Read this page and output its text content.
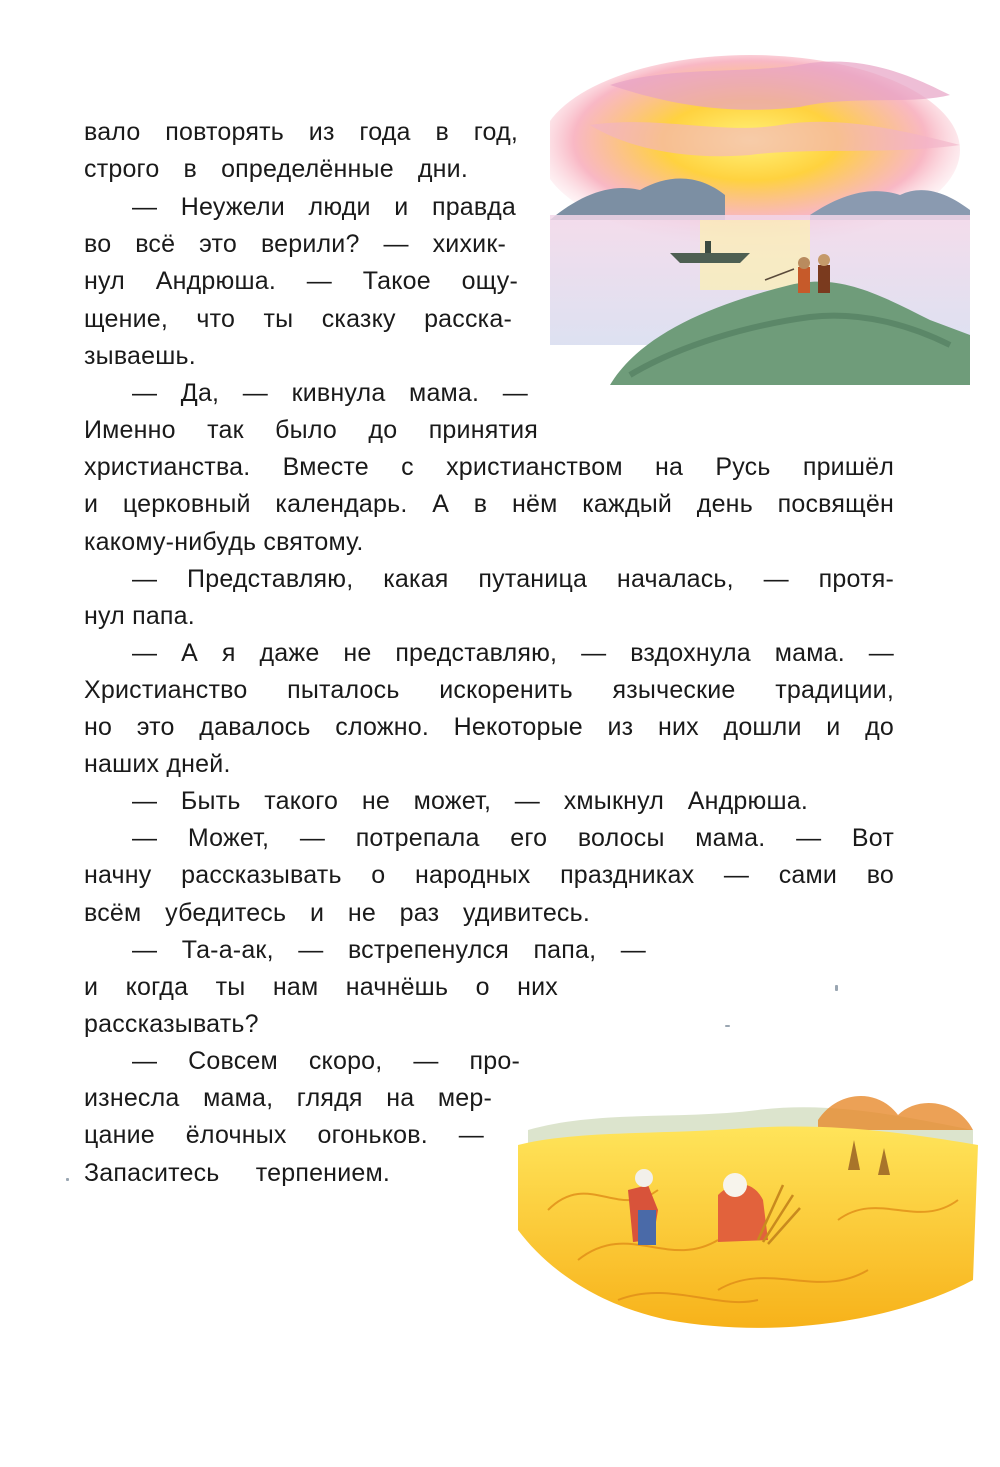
вало повторять из года в год,
строго в определённые дни.
— Неужели люди и правда
во всё это верили? — хихик-
нул Андрюша. — Такое ощу-
щение, что ты сказку расска-
зываешь.
— Да, — кивнула мама. —
Именно так было до принятия
христианства. Вместе с христианством на Русь пришёл
и церковный календарь. А в нём каждый день посвящён
какому-нибудь святому.
— Представляю, какая путаница началась, — протя-
нул папа.
— А я даже не представляю, — вздохнула мама. —
Христианство пыталось искоренить языческие традиции,
но это давалось сложно. Некоторые из них дошли и до
наших дней.
— Быть такого не может, — хмыкнул Андрюша.
— Может, — потрепала его волосы мама. — Вот
начну рассказывать о народных праздниках — сами во
всём убедитесь и не раз удивитесь.
— Та-а-ак, — встрепенулся папа, —
и когда ты нам начнёшь о них
рассказывать?
— Совсем скоро, — про-
изнесла мама, глядя на мер-
цание ёлочных огоньков. —
Запаситесь терпением.
